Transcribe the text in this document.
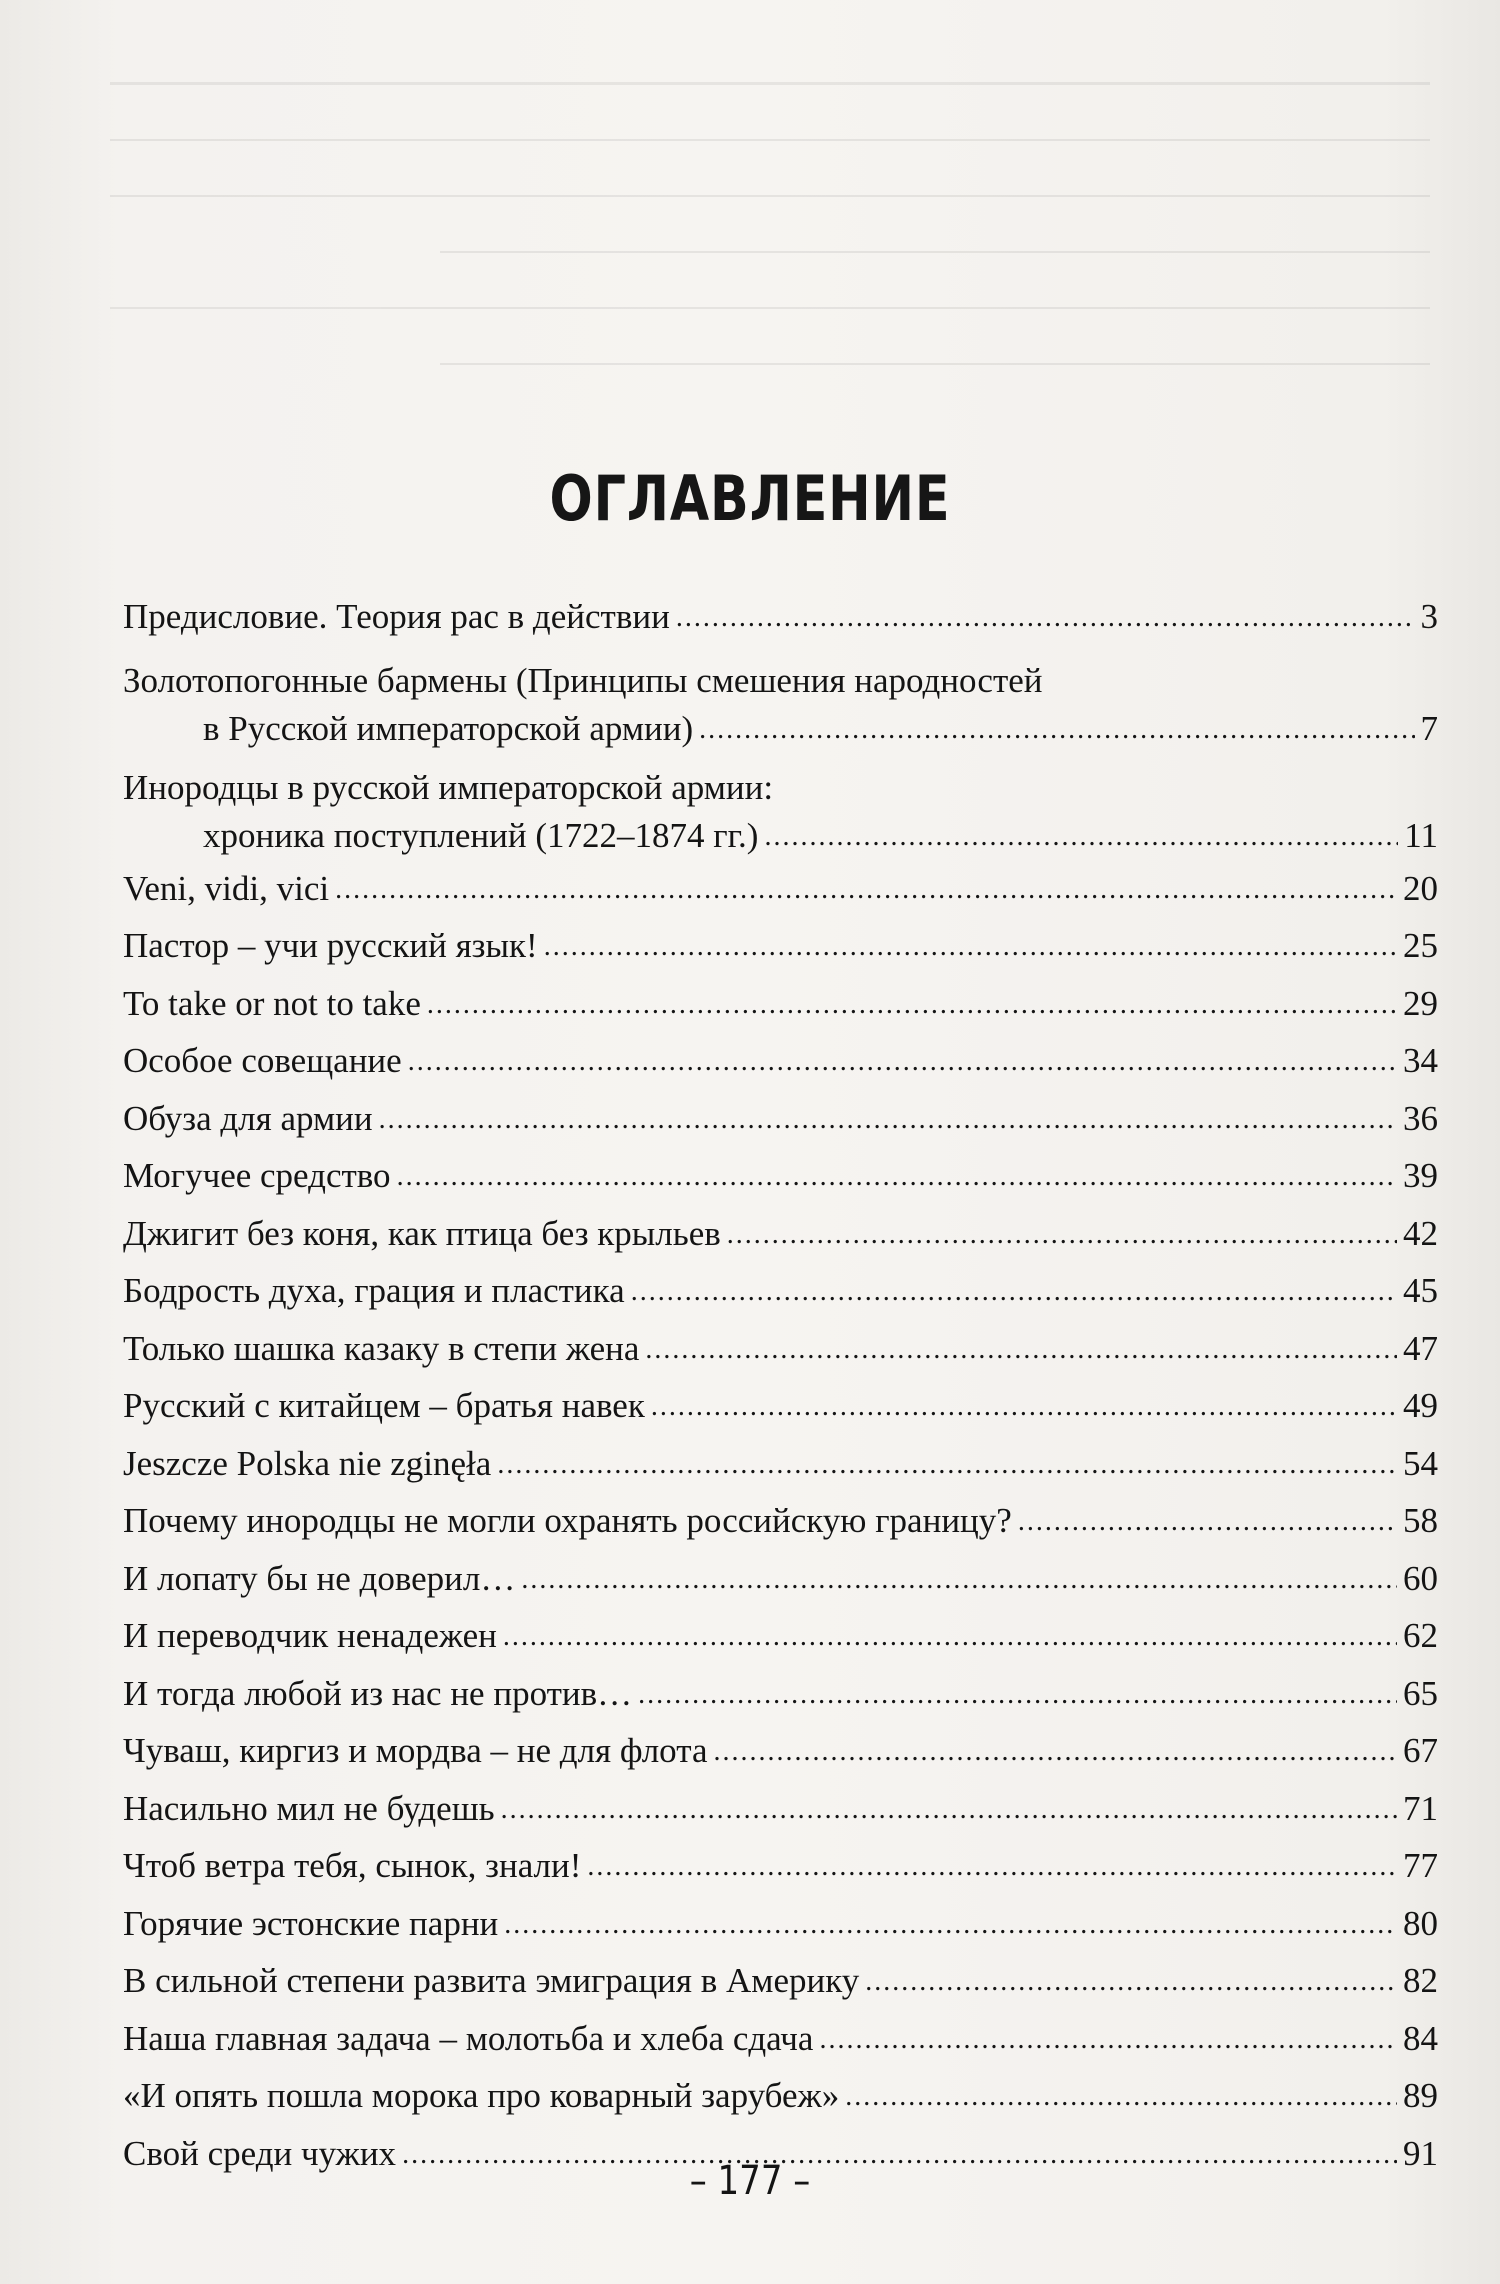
ОГЛАВЛЕНИЕ
Предисловие. Теория рас в действии .....	3
Золотопогонные бармены (Принципы смешения народностей
в Русской императорской армии) .....	7
Инородцы в русской императорской армии:
хроника поступлений (1722–1874 гг.) .....	11
Veni, vidi, vici .....	20
Пастор – учи русский язык! .....	25
To take or not to take .....	29
Особое совещание .....	34
Обуза для армии .....	36
Могучее средство .....	39
Джигит без коня, как птица без крыльев .....	42
Бодрость духа, грация и пластика .....	45
Только шашка казаку в степи жена .....	47
Русский с китайцем – братья навек .....	49
Jeszcze Polska nie zginęła .....	54
Почему инородцы не могли охранять российскую границу? .....	58
И лопату бы не доверил… .....	60
И переводчик ненадежен .....	62
И тогда любой из нас не против… .....	65
Чуваш, киргиз и мордва – не для флота .....	67
Насильно мил не будешь .....	71
Чтоб ветра тебя, сынок, знали! .....	77
Горячие эстонские парни .....	80
В сильной степени развита эмиграция в Америку .....	82
Наша главная задача – молотьба и хлеба сдача .....	84
«И опять пошла морока про коварный зарубеж» .....	89
Свой среди чужих .....	91
– 177 –
